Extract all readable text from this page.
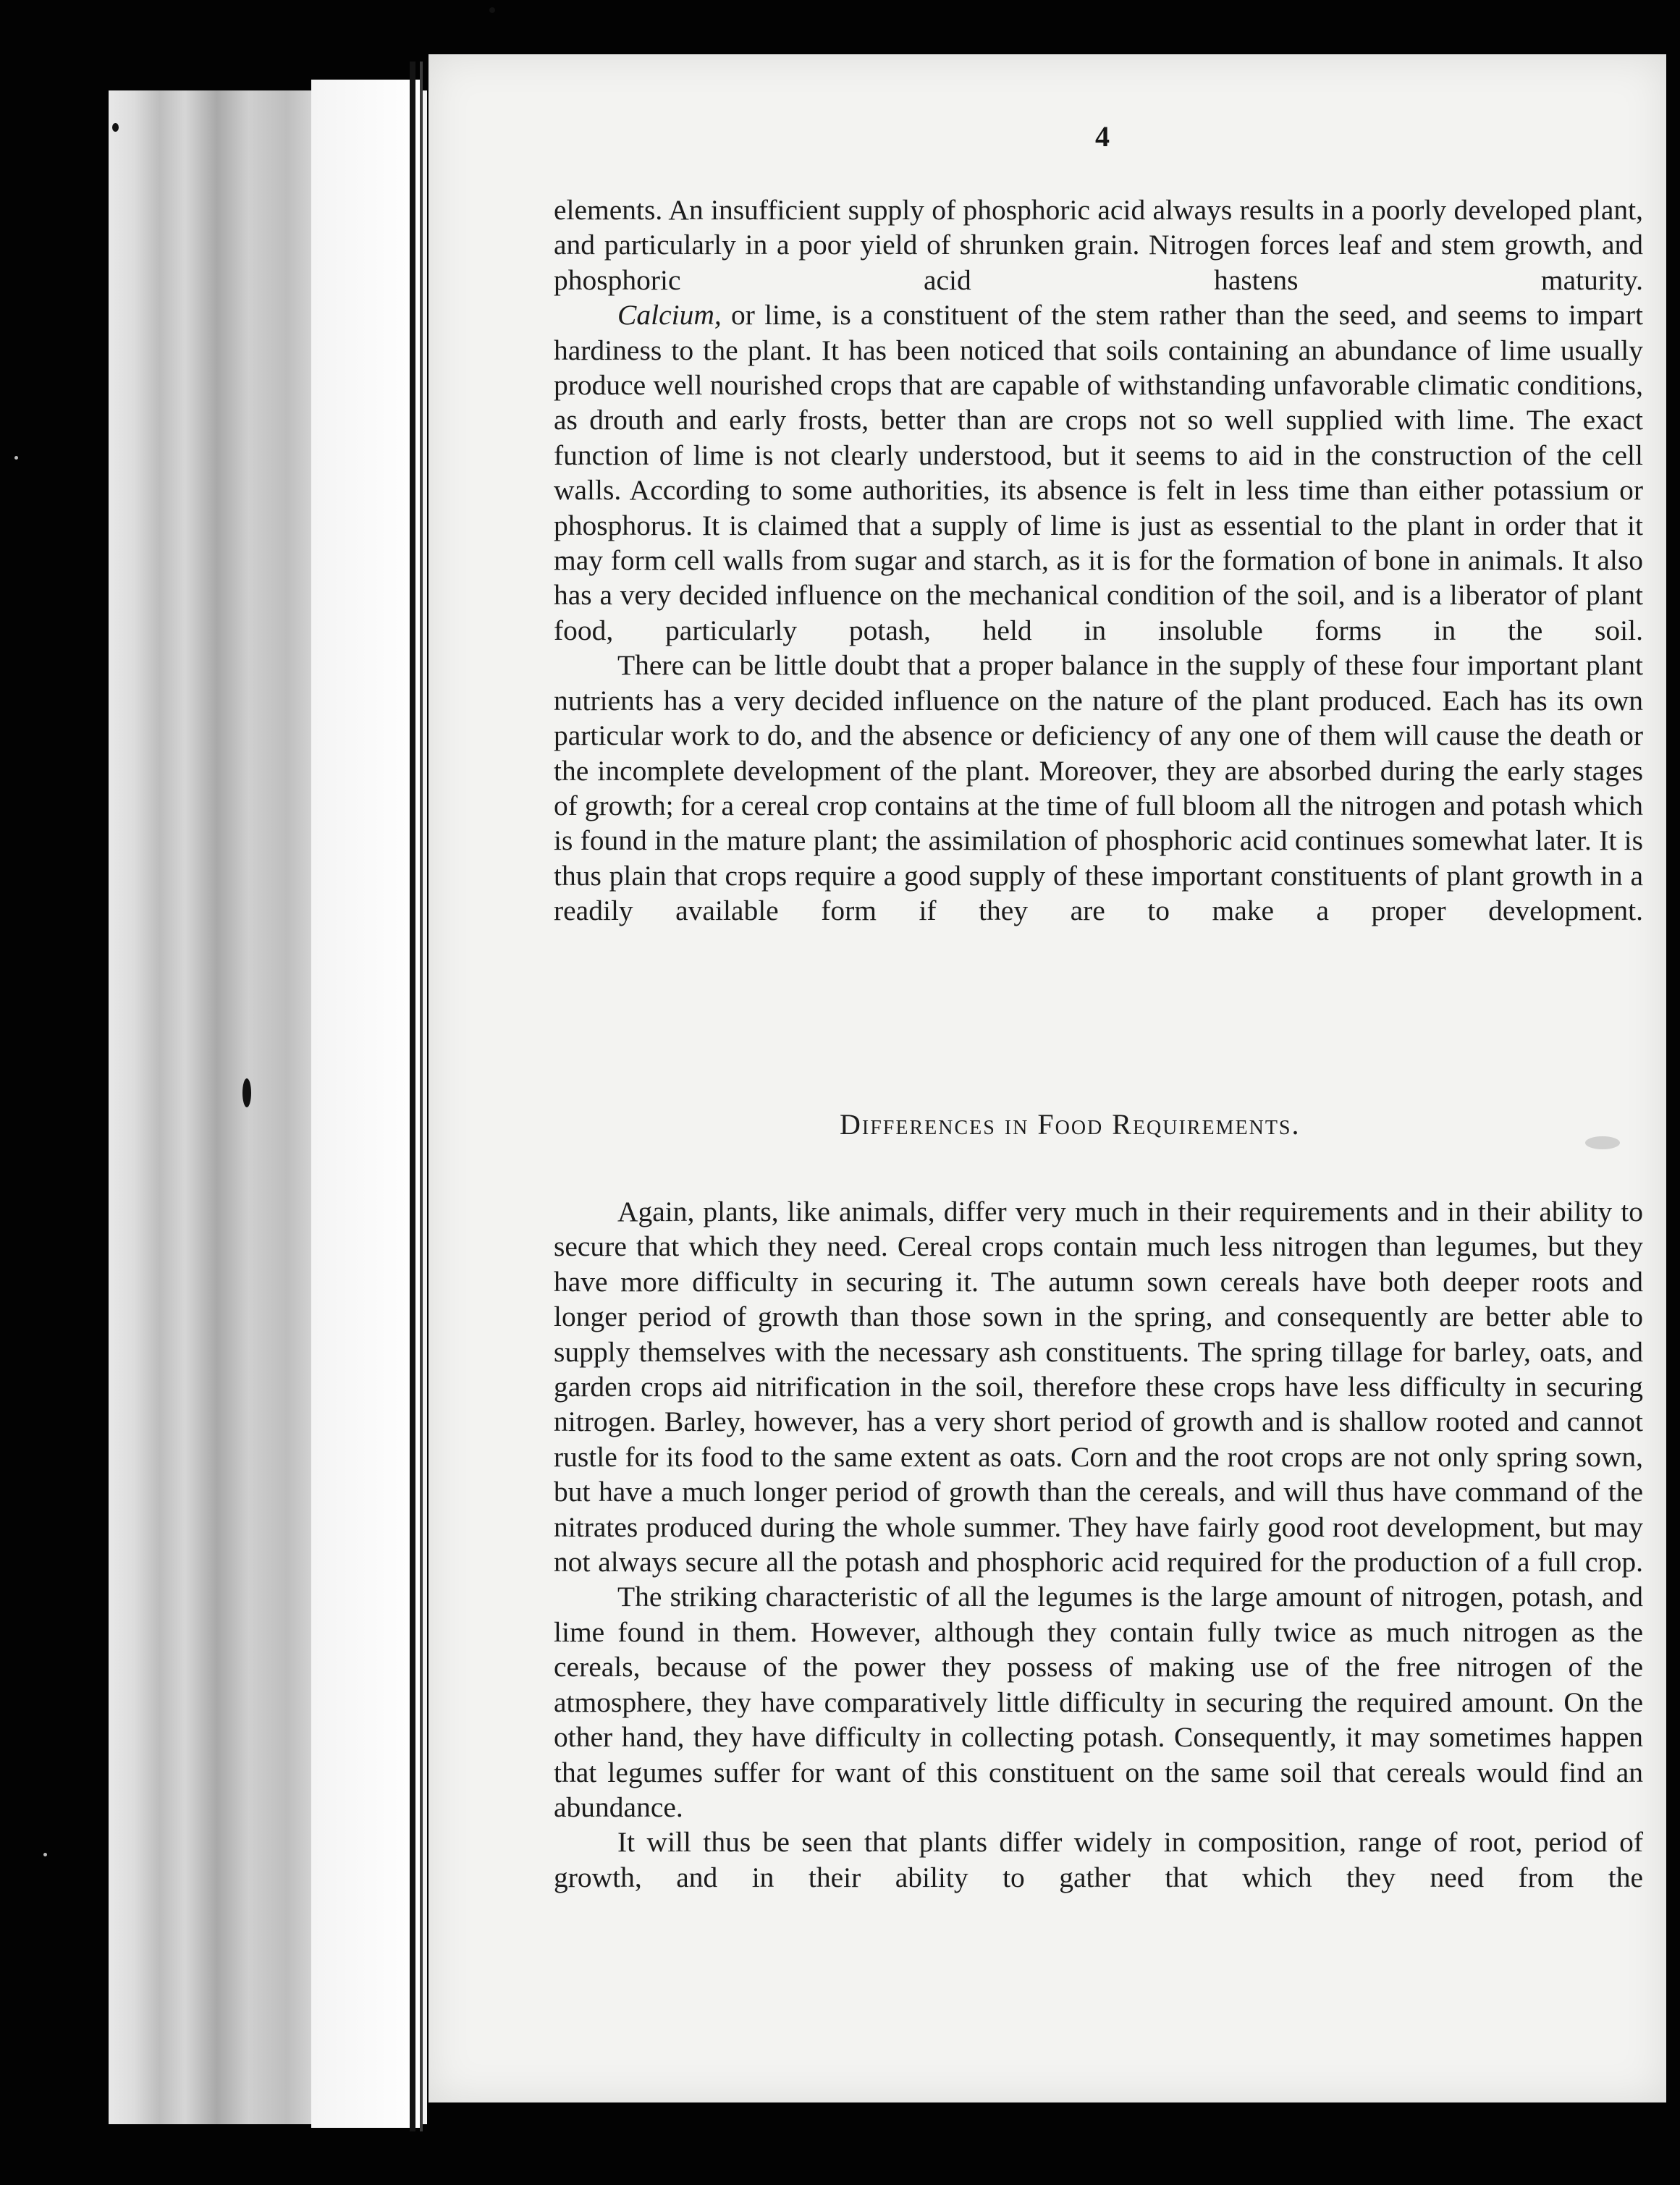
4

elements. An insufficient supply of phosphoric acid always results in a poorly developed plant, and particularly in a poor yield of shrunken grain. Nitrogen forces leaf and stem growth, and phosphoric acid hastens maturity.

Calcium, or lime, is a constituent of the stem rather than the seed, and seems to impart hardiness to the plant. It has been noticed that soils containing an abundance of lime usually produce well nourished crops that are capable of withstanding unfavorable climatic conditions, as drouth and early frosts, better than are crops not so well supplied with lime. The exact function of lime is not clearly understood, but it seems to aid in the construction of the cell walls. According to some authorities, its absence is felt in less time than either potassium or phosphorus. It is claimed that a supply of lime is just as essential to the plant in order that it may form cell walls from sugar and starch, as it is for the formation of bone in animals. It also has a very decided influence on the mechanical condition of the soil, and is a liberator of plant food, particularly potash, held in insoluble forms in the soil.

There can be little doubt that a proper balance in the supply of these four important plant nutrients has a very decided influence on the nature of the plant produced. Each has its own particular work to do, and the absence or deficiency of any one of them will cause the death or the incomplete development of the plant. Moreover, they are absorbed during the early stages of growth; for a cereal crop contains at the time of full bloom all the nitrogen and potash which is found in the mature plant; the assimilation of phosphoric acid continues somewhat later. It is thus plain that crops require a good supply of these important constituents of plant growth in a readily available form if they are to make a proper development.

Differences in Food Requirements.

Again, plants, like animals, differ very much in their requirements and in their ability to secure that which they need. Cereal crops contain much less nitrogen than legumes, but they have more difficulty in securing it. The autumn sown cereals have both deeper roots and longer period of growth than those sown in the spring, and consequently are better able to supply themselves with the necessary ash constituents. The spring tillage for barley, oats, and garden crops aid nitrification in the soil, therefore these crops have less difficulty in securing nitrogen. Barley, however, has a very short period of growth and is shallow rooted and cannot rustle for its food to the same extent as oats. Corn and the root crops are not only spring sown, but have a much longer period of growth than the cereals, and will thus have command of the nitrates produced during the whole summer. They have fairly good root development, but may not always secure all the potash and phosphoric acid required for the production of a full crop.

The striking characteristic of all the legumes is the large amount of nitrogen, potash, and lime found in them. However, although they contain fully twice as much nitrogen as the cereals, because of the power they possess of making use of the free nitrogen of the atmosphere, they have comparatively little difficulty in securing the required amount. On the other hand, they have difficulty in collecting potash. Consequently, it may sometimes happen that legumes suffer for want of this constituent on the same soil that cereals would find an abundance.

It will thus be seen that plants differ widely in composition, range of root, period of growth, and in their ability to gather that which they need from the
